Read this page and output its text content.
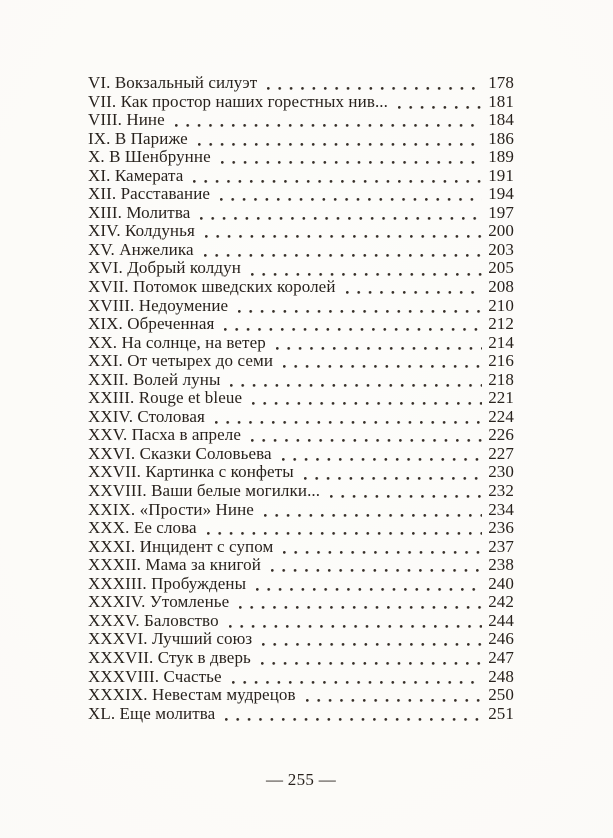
VI. Вокзальный силуэт	178
VII. Как простор наших горестных нив...	181
VIII. Нине	184
IX. В Париже	186
X. В Шенбрунне	189
XI. Камерата	191
XII. Расставание	194
XIII. Молитва	197
XIV. Колдунья	200
XV. Анжелика	203
XVI. Добрый колдун	205
XVII. Потомок шведских королей	208
XVIII. Недоумение	210
XIX. Обреченная	212
XX. На солнце, на ветер	214
XXI. От четырех до семи	216
XXII. Волей луны	218
XXIII. Rouge et bleue	221
XXIV. Столовая	224
XXV. Пасха в апреле	226
XXVI. Сказки Соловьева	227
XXVII. Картинка с конфеты	230
XXVIII. Ваши белые могилки...	232
XXIX. «Прости» Нине	234
XXX. Ее слова	236
XXXI. Инцидент с супом	237
XXXII. Мама за книгой	238
XXXIII. Пробуждены	240
XXXIV. Утомленье	242
XXXV. Баловство	244
XXXVI. Лучший союз	246
XXXVII. Стук в дверь	247
XXXVIII. Счастье	248
XXXIX. Невестам мудрецов	250
XL. Еще молитва	251
— 255 —
